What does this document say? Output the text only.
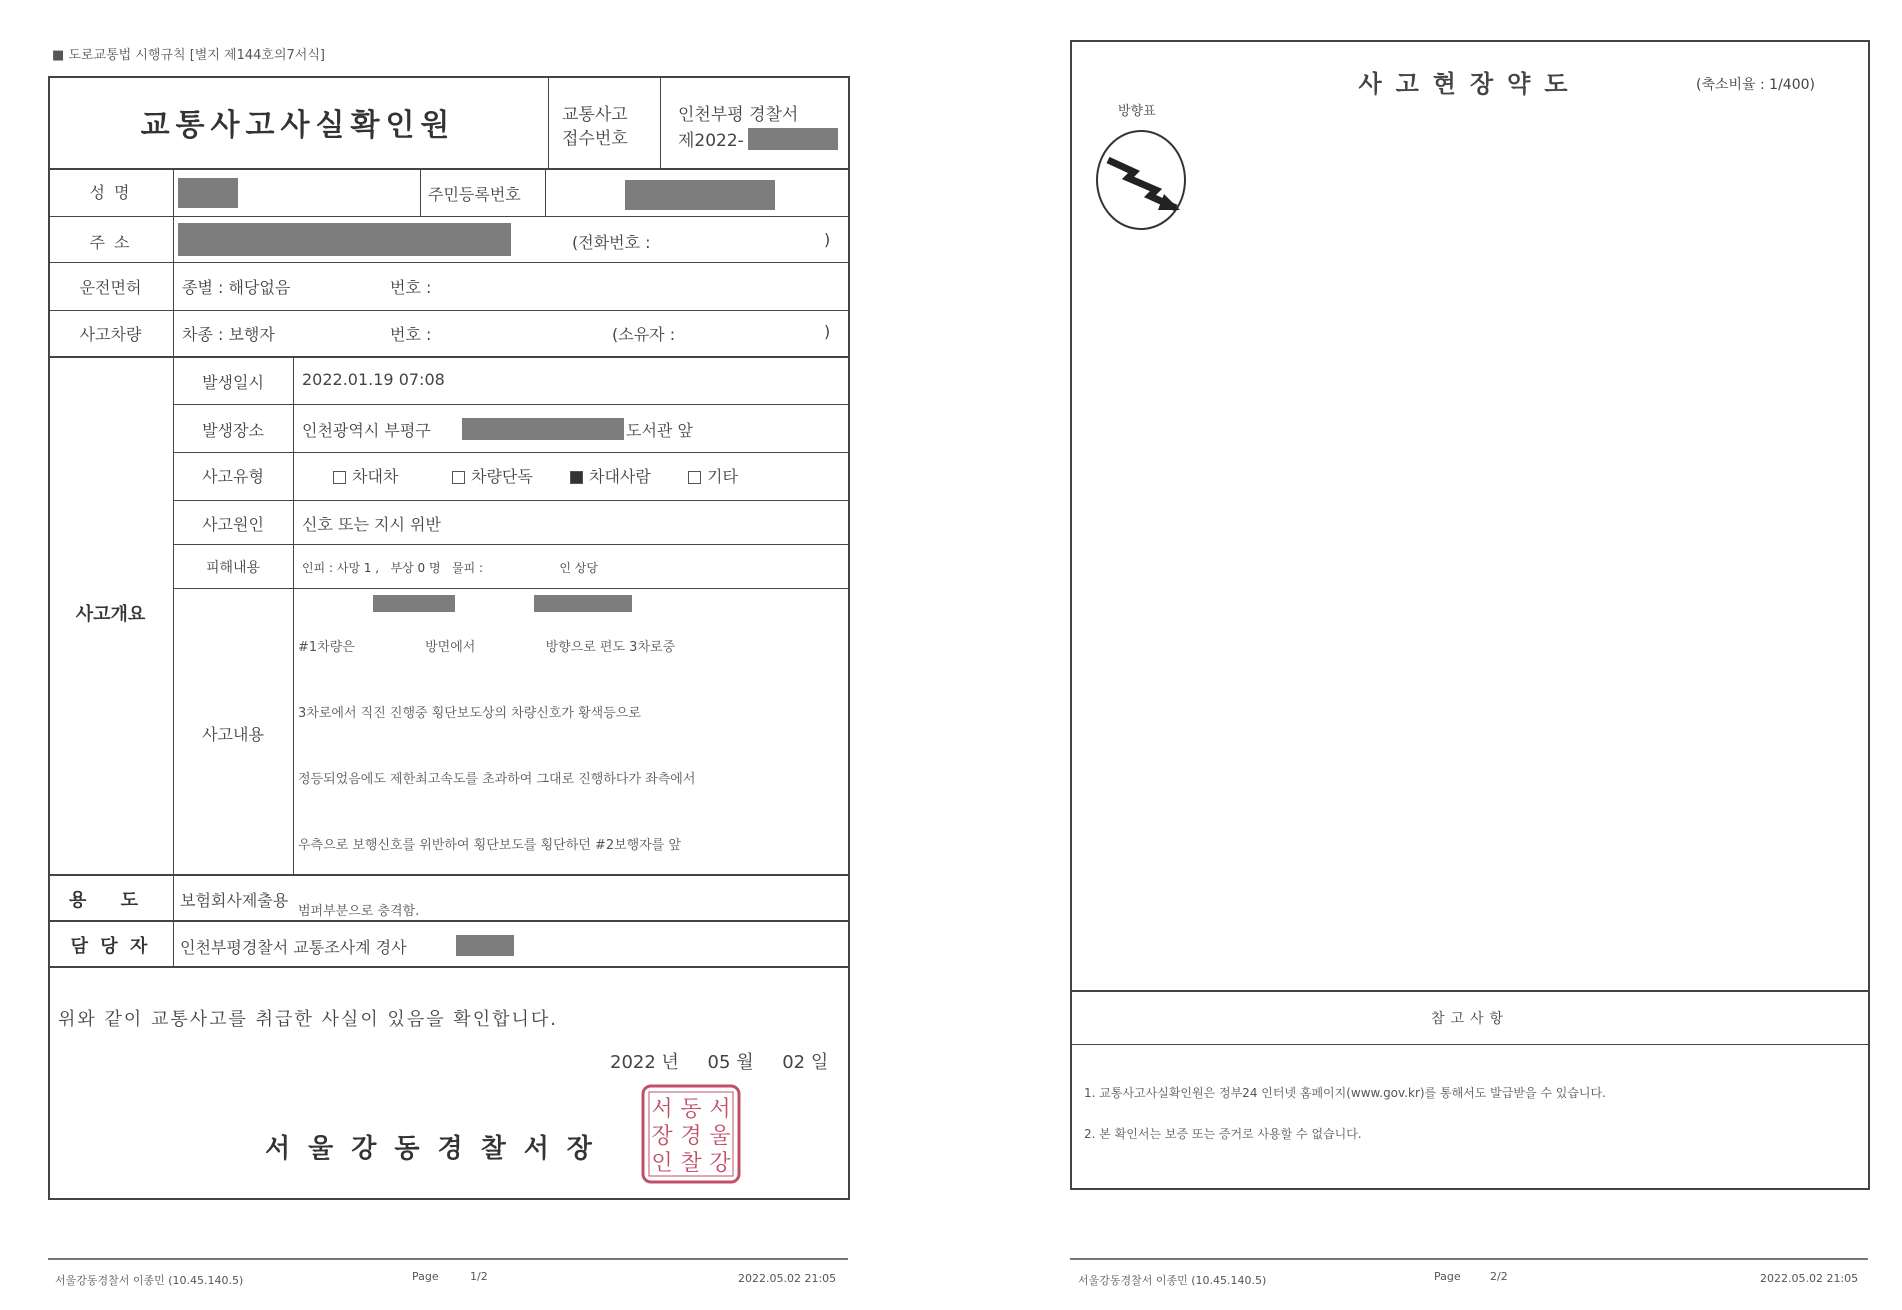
■ 도로교통법 시행규칙 [별지 제144호의7서식]
교통사고사실확인원	교통사고
접수번호
인천부평 경찰서
제2022-
성 명	주민등록번호
주 소	(전화번호 :	)
운전면허	종별 : 해당없음	번호 :
사고차량	차종 : 보행자	번호 :	(소유자 :	)
사고개요
발생일시	2022.01.19 07:08
발생장소	인천광역시 부평구	도서관 앞
사고유형	차대차	차량단독	차대사람	기타
사고원인	신호 또는 지시 위반
피해내용	인피 : 사망 1 ,   부상 0 명   물피 :                    인 상당
사고내용

#1차량은                 방면에서                 방향으로 편도 3차로중

3차로에서 직진 진행중 횡단보도상의 차량신호가 황색등으로

정등되었음에도 제한최고속도를 초과하여 그대로 진행하다가 좌측에서

우측으로 보행신호를 위반하여 횡단보도를 횡단하던 #2보행자를 앞

범퍼부분으로 충격함.

용 도	보험회사제출용
담 당 자	인천부평경찰서 교통조사계 경사
위와 같이 교통사고를 취급한 사실이 있음을 확인합니다.
2022 년 05 월 02 일
서울강동경찰서장
서
울
강
동
경
찰
서
장
인
서울강동경찰서 이종민 (10.45.140.5)	Page	1/2	2022.05.02 21:05
사고현장약도	(축소비율 : 1/400)
방향표
참고사항
1. 교통사고사실확인원은 정부24 인터넷 홈페이지(www.gov.kr)를 통해서도 발급받을 수 있습니다.
2. 본 확인서는 보증 또는 증거로 사용할 수 없습니다.
서울강동경찰서 이종민 (10.45.140.5)	Page	2/2	2022.05.02 21:05
